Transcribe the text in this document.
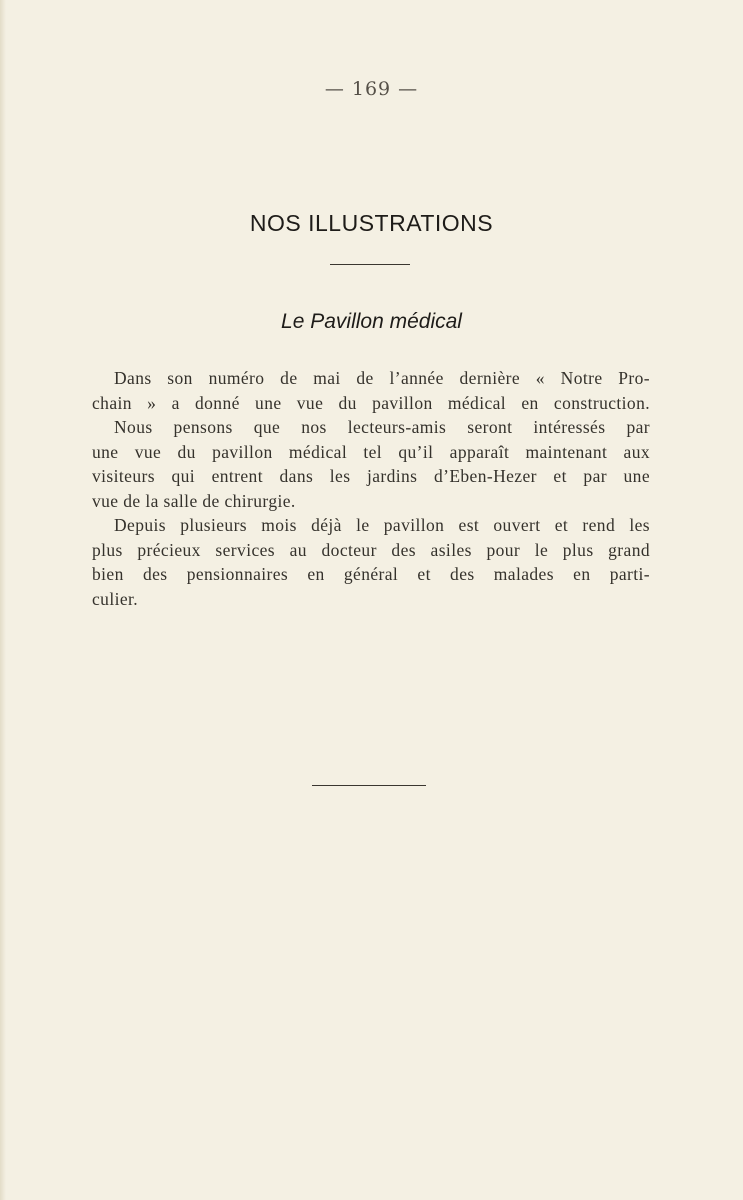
— 169 —
NOS ILLUSTRATIONS
Le Pavillon médical
Dans son numéro de mai de l’année dernière « Notre Pro-
chain » a donné une vue du pavillon médical en construction.
Nous pensons que nos lecteurs-amis seront intéressés par
une vue du pavillon médical tel qu’il apparaît maintenant aux
visiteurs qui entrent dans les jardins d’Eben-Hezer et par une
vue de la salle de chirurgie.
Depuis plusieurs mois déjà le pavillon est ouvert et rend les
plus précieux services au docteur des asiles pour le plus grand
bien des pensionnaires en général et des malades en parti-
culier.
